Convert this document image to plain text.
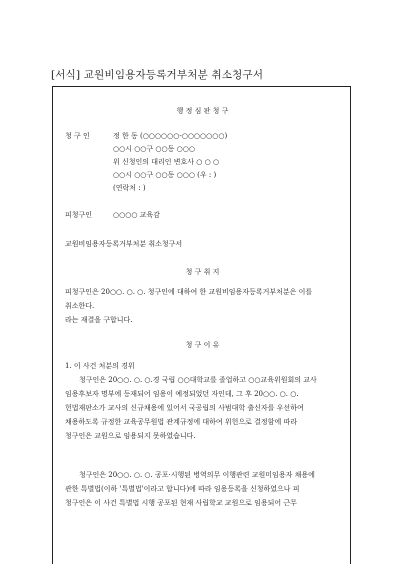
[서식] 교원비임용자등록거부처분 취소청구서
행 정 심 판 청 구
청 구 인	정 한 동 (○○○○○○-○○○○○○○)
○○시 ○○구 ○○동 ○○○
위 신청인의 대리인 변호사 ○ ○ ○
○○시 ○○구 ○○동 ○○○ (우 : )
(연락처 : )
피청구인	○○○○ 교육감
교원비임용자등록거부처분 취소청구서
청 구 취 지
피청구인은 20○○. ○. ○. 청구인에 대하여 한 교원비임용자등록거부처분은 이를
취소한다.
라는 재결을 구합니다.
청 구 이 유
1. 이 사건 처분의 경위
청구인은 20○○. ○. ○.경 국립 ○○대학교를 졸업하고 ○○교육위원회의 교사
임용후보자 명부에 등재되어 임용이 예정되었던 자인데, 그 후 20○○. ○. ○.
헌법재판소가 교사의 신규채용에 있어서 국공립의 사범대학 출신자를 우선하여
채용하도록 규정한 교육공무원법 관계규정에 대하여 위헌으로 결정함에 따라
청구인은 교원으로 임용되지 못하였습니다.
청구인은 20○○. ○. ○. 공포·시행된 병역의무 이행관련 교원미임용자 채용에
관한 특별법(이하 '특별법'이라고 합니다)에 따라 임용등록을 신청하였으나 피
청구인은 이 사건 특별법 시행 공포된 현재 사립학교 교원으로 임용되어 근무
